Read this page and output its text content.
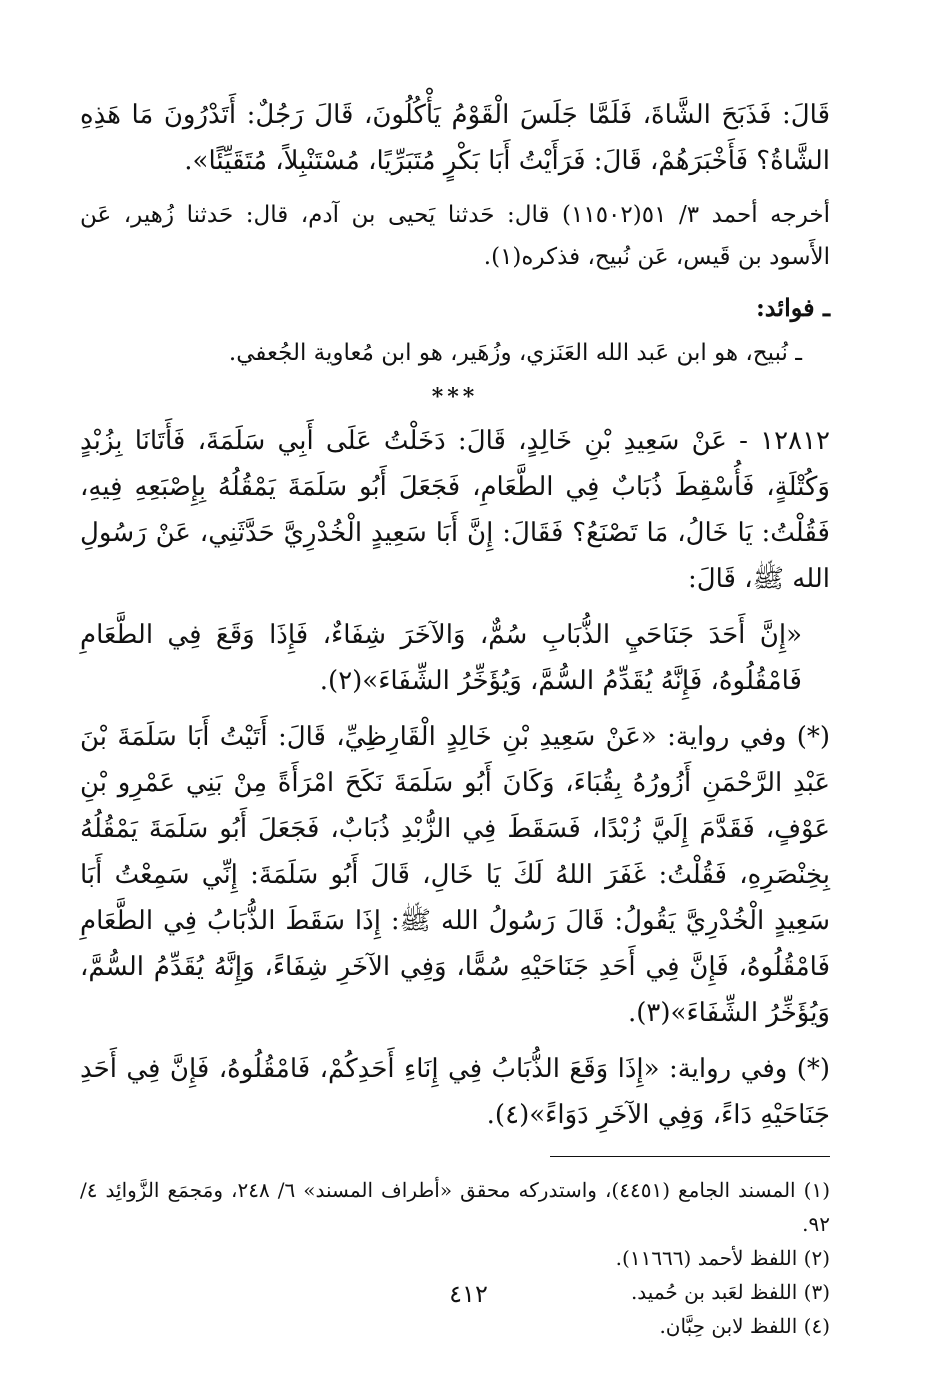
قَالَ: فَذَبَحَ الشَّاةَ، فَلَمَّا جَلَسَ الْقَوْمُ يَأْكُلُونَ، قَالَ رَجُلٌ: أَتَدْرُونَ مَا هَذِهِ الشَّاةُ؟ فَأَخْبَرَهُمْ، قَالَ: فَرَأَيْتُ أَبَا بَكْرٍ مُتَبَرِّيًا، مُسْتَنْبِلاً، مُتَقَيِّئًا».

أخرجه أحمد ٣/ ٥١(١١٥٠٢) قال: حَدثنا يَحيى بن آدم، قال: حَدثنا زُهير، عَن الأَسود بن قَيس، عَن نُبيح، فذكره(١).

ـ فوائد:

ـ نُبيح، هو ابن عَبد الله العَنَزي، وزُهَير، هو ابن مُعاوية الجُعفي.

***

١٢٨١٢ - عَنْ سَعِيدِ بْنِ خَالِدٍ، قَالَ: دَخَلْتُ عَلَى أَبِي سَلَمَةَ، فَأَتَانَا بِزُبْدٍ وَكُتْلَةٍ، فَأُسْقِطَ ذُبَابٌ فِي الطَّعَامِ، فَجَعَلَ أَبُو سَلَمَةَ يَمْقُلُهُ بِإِصْبَعِهِ فِيهِ، فَقُلْتُ: يَا خَالُ، مَا تَصْنَعُ؟ فَقَالَ: إِنَّ أَبَا سَعِيدٍ الْخُدْرِيَّ حَدَّثَنِي، عَنْ رَسُولِ الله ﷺ، قَالَ:

«إِنَّ أَحَدَ جَنَاحَيِ الذُّبَابِ سُمٌّ، وَالآخَرَ شِفَاءٌ، فَإِذَا وَقَعَ فِي الطَّعَامِ فَامْقُلُوهُ، فَإِنَّهُ يُقَدِّمُ السُّمَّ، وَيُؤَخِّرُ الشِّفَاءَ»(٢).

(*) وفي رواية: «عَنْ سَعِيدِ بْنِ خَالِدٍ الْقَارِظِيِّ، قَالَ: أَتَيْتُ أَبَا سَلَمَةَ بْنَ عَبْدِ الرَّحْمَنِ أَزُورُهُ بِقُبَاءَ، وَكَانَ أَبُو سَلَمَةَ نَكَحَ امْرَأَةً مِنْ بَنِي عَمْرِو بْنِ عَوْفٍ، فَقَدَّمَ إِلَيَّ زُبْدًا، فَسَقَطَ فِي الزُّبْدِ ذُبَابٌ، فَجَعَلَ أَبُو سَلَمَةَ يَمْقُلُهُ بِخِنْصَرِهِ، فَقُلْتُ: غَفَرَ اللهُ لَكَ يَا خَالِ، قَالَ أَبُو سَلَمَةَ: إِنِّي سَمِعْتُ أَبَا سَعِيدٍ الْخُدْرِيَّ يَقُولُ: قَالَ رَسُولُ الله ﷺ: إِذَا سَقَطَ الذُّبَابُ فِي الطَّعَامِ فَامْقُلُوهُ، فَإِنَّ فِي أَحَدِ جَنَاحَيْهِ سُمًّا، وَفِي الآخَرِ شِفَاءً، وَإِنَّهُ يُقَدِّمُ السُّمَّ، وَيُؤَخِّرُ الشِّفَاءَ»(٣).

(*) وفي رواية: «إِذَا وَقَعَ الذُّبَابُ فِي إِنَاءِ أَحَدِكُمْ، فَامْقُلُوهُ، فَإِنَّ فِي أَحَدِ جَنَاحَيْهِ دَاءً، وَفِي الآخَرِ دَوَاءً»(٤).

(١) المسند الجامع (٤٤٥١)، واستدركه محقق «أطراف المسند» ٦/ ٢٤٨، ومَجمَع الزَّوائِد ٤/ ٩٢.

(٢) اللفظ لأحمد (١١٦٦٦).

(٣) اللفظ لعَبد بن حُميد.

(٤) اللفظ لابن حِبَّان.

٤١٢
